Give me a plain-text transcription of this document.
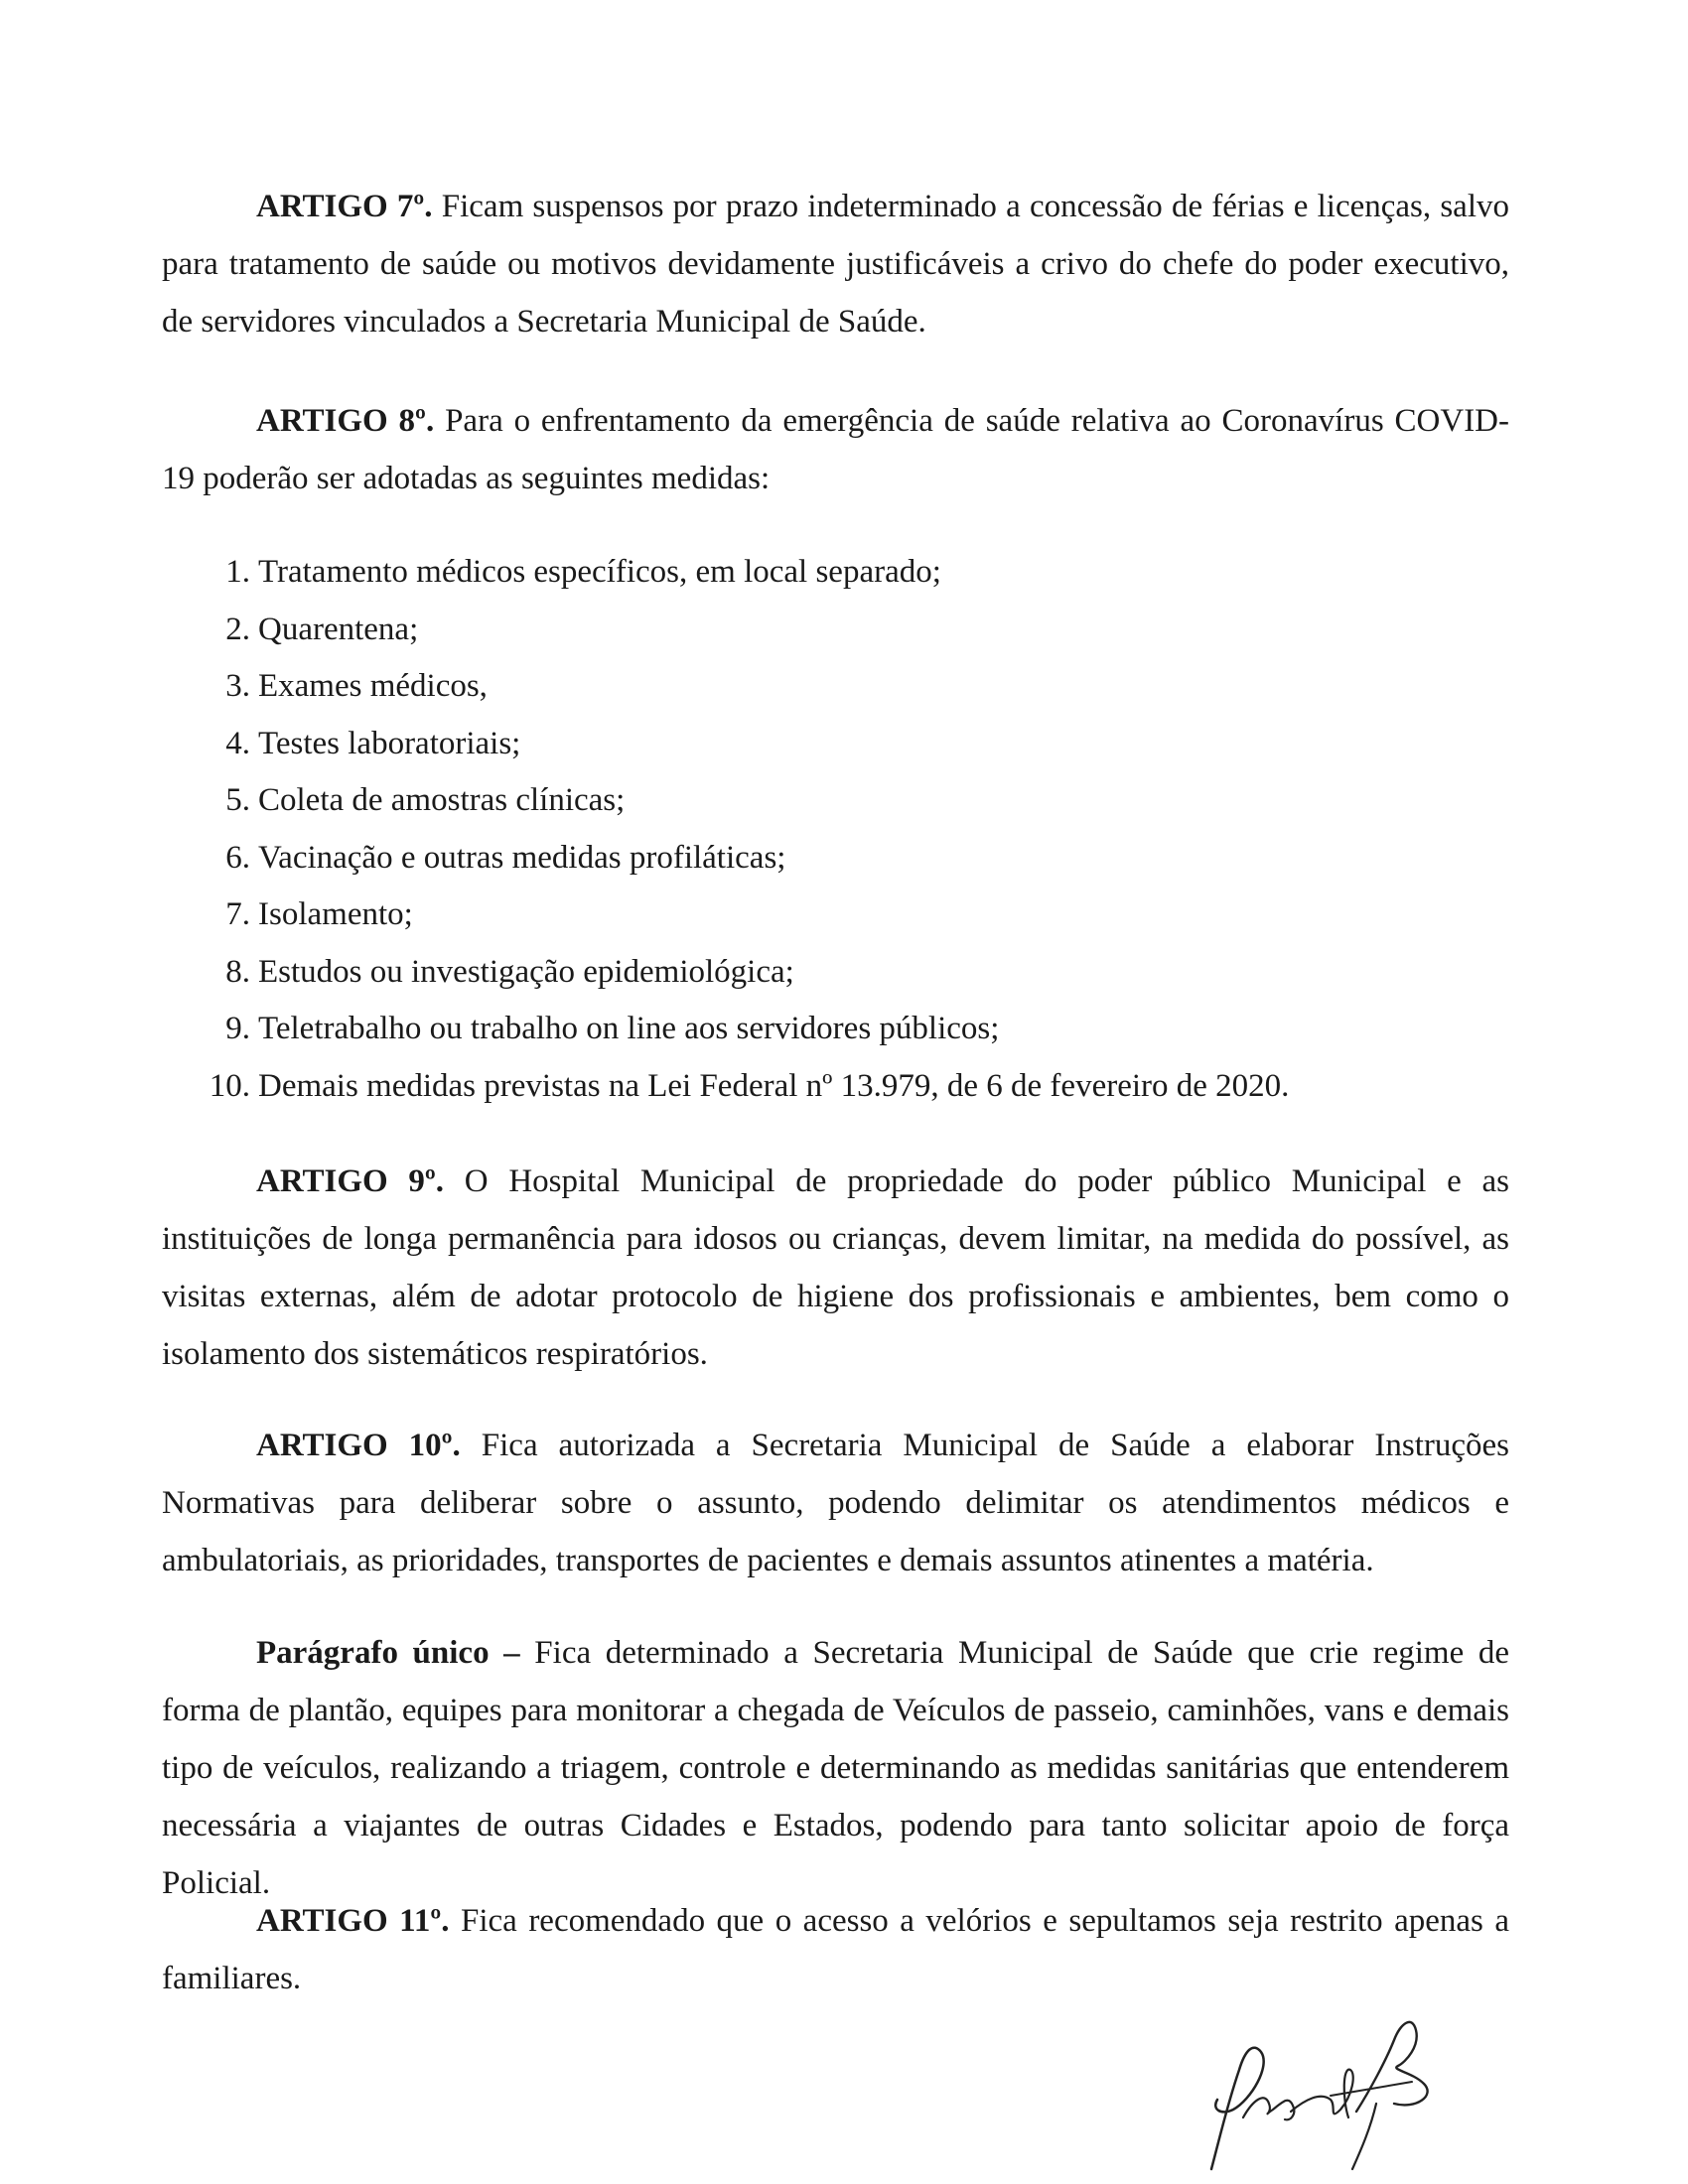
ARTIGO 7º. Ficam suspensos por prazo indeterminado a concessão de férias e licenças, salvo para tratamento de saúde ou motivos devidamente justificáveis a crivo do chefe do poder executivo, de servidores vinculados a Secretaria Municipal de Saúde.

ARTIGO 8º. Para o enfrentamento da emergência de saúde relativa ao Coronavírus COVID-19 poderão ser adotadas as seguintes medidas:

1. Tratamento médicos específicos, em local separado;
2. Quarentena;
3. Exames médicos,
4. Testes laboratoriais;
5. Coleta de amostras clínicas;
6. Vacinação e outras medidas profiláticas;
7. Isolamento;
8. Estudos ou investigação epidemiológica;
9. Teletrabalho ou trabalho on line aos servidores públicos;
10. Demais medidas previstas na Lei Federal nº 13.979, de 6 de fevereiro de 2020.

ARTIGO 9º. O Hospital Municipal de propriedade do poder público Municipal e as instituições de longa permanência para idosos ou crianças, devem limitar, na medida do possível, as visitas externas, além de adotar protocolo de higiene dos profissionais e ambientes, bem como o isolamento dos sistemáticos respiratórios.

ARTIGO 10º. Fica autorizada a Secretaria Municipal de Saúde a elaborar Instruções Normativas para deliberar sobre o assunto, podendo delimitar os atendimentos médicos e ambulatoriais, as prioridades, transportes de pacientes e demais assuntos atinentes a matéria.

Parágrafo único – Fica determinado a Secretaria Municipal de Saúde que crie regime de forma de plantão, equipes para monitorar a chegada de Veículos de passeio, caminhões, vans e demais tipo de veículos, realizando a triagem, controle e determinando as medidas sanitárias que entenderem necessária a viajantes de outras Cidades e Estados, podendo para tanto solicitar apoio de força Policial.

ARTIGO 11º. Fica recomendado que o acesso a velórios e sepultamos seja restrito apenas a familiares.
